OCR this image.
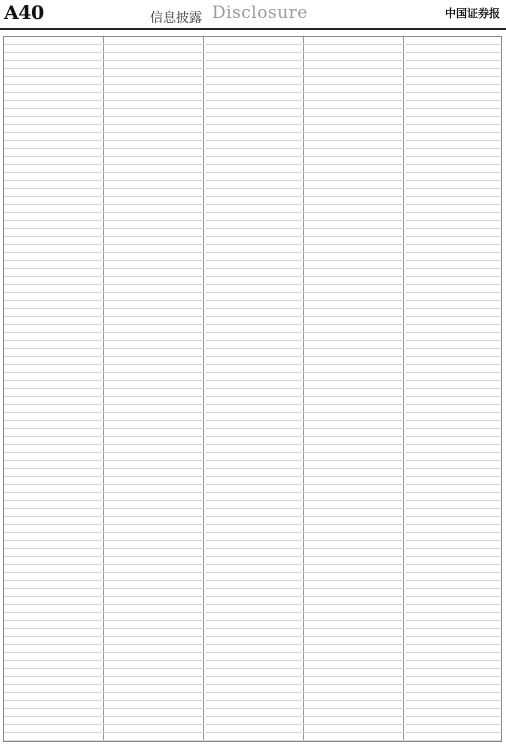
A40	信息披露 Disclosure	中国证券报
